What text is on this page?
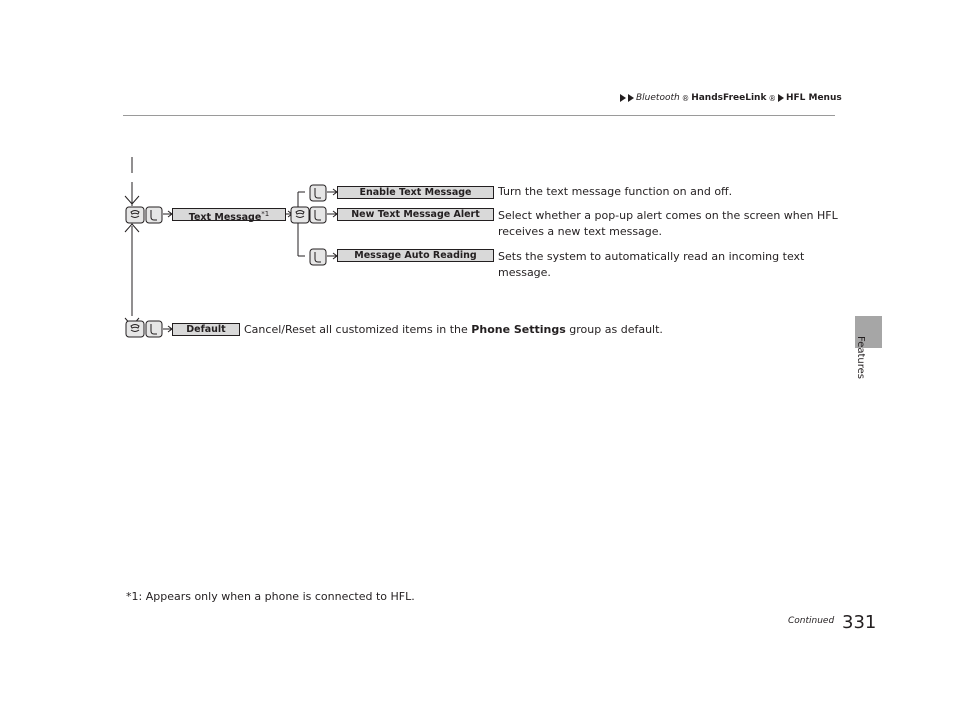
Bluetooth ® HandsFreeLink ® HFL Menus
Features
Text Message$^{*1}$
Enable Text Message
New Text Message Alert
Message Auto Reading
Default
Turn the text message function on and off.
Select whether a pop-up alert comes on the screen when HFL
receives a new text message.
Sets the system to automatically read an incoming text
message.
Cancel/Reset all customized items in the Phone Settings group as default.
*1: Appears only when a phone is connected to HFL.
Continued 331
